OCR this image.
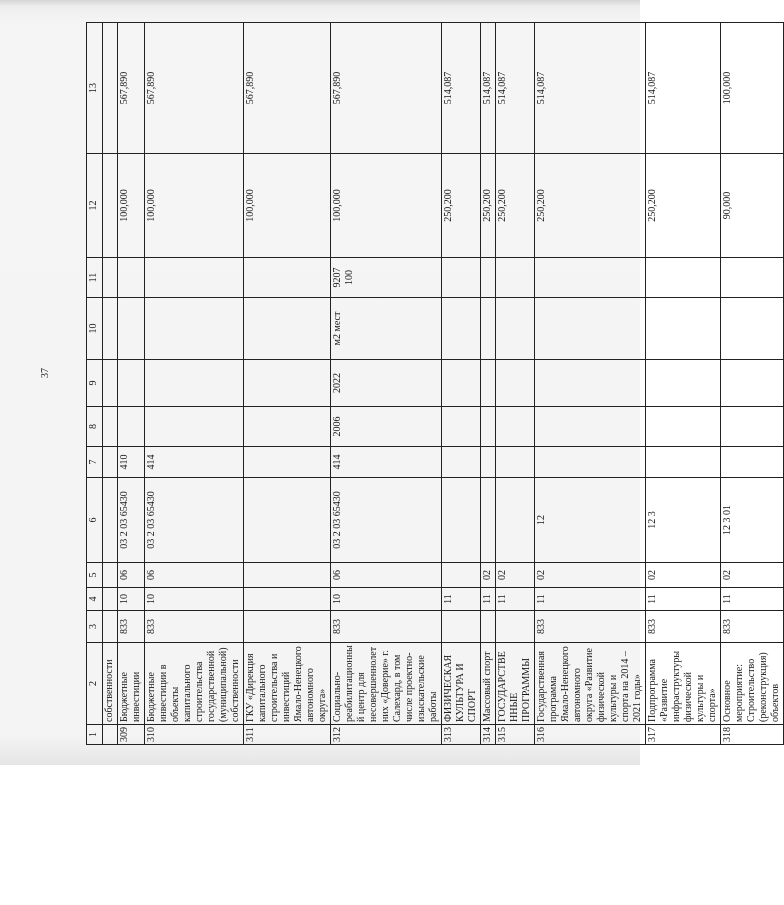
37
1	2	3	4	5	6	7	8	9	10	11	12	13
	собственности											
309	Бюджетные инвестиции	833	10	06	03 2 03 65430	410					100,000	567,890
310	Бюджетные инвестиции в объекты капитального строительства государственной (муниципальной) собственности	833	10	06	03 2 03 65430	414					100,000	567,890
311	ГКУ «Дирекция капитального строительства и инвестиций Ямало-Ненецкого автономного округа»										100,000	567,890
312	Социально-реабилитационный центр для несовершеннолетних «Доверие» г. Салехард, в том числе проектно-изыскательские работы	833	10	06	03 2 03 65430	414	2006	2022	м2 мест	9207 100	100,000	567,890
313	ФИЗИЧЕСКАЯ КУЛЬТУРА И СПОРТ		11								250,200	514,087
314	Массовый спорт		11	02							250,200	514,087
315	ГОСУДАРСТВЕННЫЕ ПРОГРАММЫ		11	02							250,200	514,087
316	Государственная программа Ямало-Ненецкого автономного округа «Развитие физической культуры и спорта на 2014 – 2021 годы»	833	11	02	12						250,200	514,087
317	Подпрограмма «Развитие инфраструктуры физической культуры и спорта»	833	11	02	12 3						250,200	514,087
318	Основное мероприятие: Строительство (реконструкция) объектов	833	11	02	12 3 01						90,000	100,000
